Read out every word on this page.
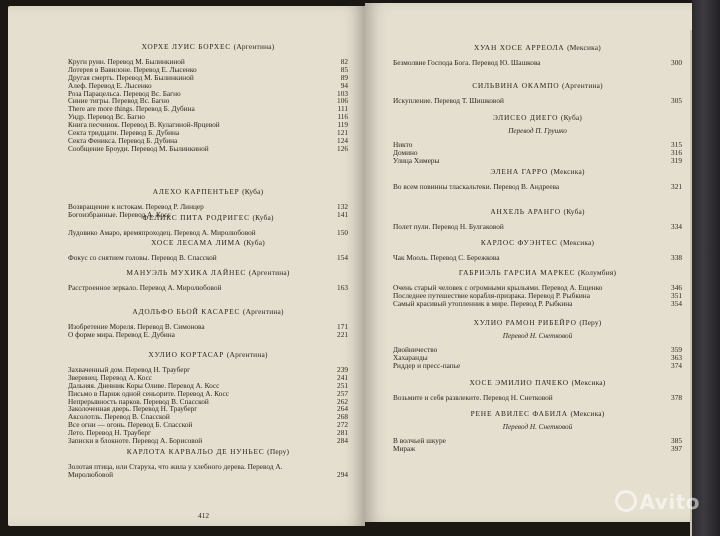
ХОРХЕ ЛУИС БОРХЕС (Аргентина)
Круги руин. Перевод М. Былинкиной	82
Лотерея в Вавилоне. Перевод Е. Лысенко	85
Другая смерть. Перевод М. Былинкиной	89
Алеф. Перевод Е. Лысенко	94
Роза Парацельса. Перевод Вс. Багно	103
Синие тигры. Перевод Вс. Багно	106
There are more things. Перевод Б. Дубина	111
Ундр. Перевод Вс. Багно	116
Книга песчинок. Перевод В. Кулагиной-Ярцевой	119
Секта тридцати. Перевод Б. Дубина	121
Секта Феникса. Перевод Б. Дубина	124
Сообщение Броуди. Перевод М. Былинкиной	126
АЛЕХО КАРПЕНТЬЕР (Куба)
Возвращение к истокам. Перевод Р. Линцер	132
Богоизбранные. Перевод А. Косс	141
ФЕЛИКС ПИТА РОДРИГЕС (Куба)
Лудовико Амаро, времяпроходец. Перевод А. Миролюбовой	150
ХОСЕ ЛЕСАМА ЛИМА (Куба)
Фокус со снятием головы. Перевод В. Спасской	154
МАНУЭЛЬ МУХИКА ЛАЙНЕС (Аргентина)
Расстроенное зеркало. Перевод А. Миролюбовой	163
АДОЛЬФО БЬОЙ КАСАРЕС (Аргентина)
Изобретение Мореля. Перевод В. Симонова	171
О форме мира. Перевод Е. Дубина	221
ХУЛИО КОРТАСАР (Аргентина)
Захваченный дом. Перевод Н. Трауберг	239
Зверинец. Перевод А. Косс	241
Дальняя. Дневник Коры Оливе. Перевод А. Косс	251
Письмо в Париж одной сеньорите. Перевод А. Косс	257
Непрерывность парков. Перевод В. Спасской	262
Заколоченная дверь. Перевод Н. Трауберг	264
Аксолотль. Перевод В. Спасской	268
Все огни — огонь. Перевод Б. Спасской	272
Лето. Перевод Н. Трауберг	281
Записки в блокноте. Перевод А. Борисовой	284
КАРЛОТА КАРВАЛЬО ДЕ НУНЬЕС (Перу)
Золотая птица, или Старуха, что жила у хлебного дерева. Перевод А. Миролюбовой	294
412
ХУАН ХОСЕ АРРЕОЛА (Мексика)
Безмолвие Господа Бога. Перевод Ю. Шашкова	300
СИЛЬВИНА ОКАМПО (Аргентина)
Искупление. Перевод Т. Шишковой	305
ЭЛИСЕО ДИЕГО (Куба)
Перевод П. Грушко
Никто	315
Домино	316
Улица Химеры	319
ЭЛЕНА ГАРРО (Мексика)
Во всем повинны тласкальтеки. Перевод В. Андреева	321
АНХЕЛЬ АРАНГО (Куба)
Полет пули. Перевод Н. Булгаковой	334
КАРЛОС ФУЭНТЕС (Мексика)
Чак Мооль. Перевод С. Бережкова	338
ГАБРИЭЛЬ ГАРСИА МАРКЕС (Колумбия)
Очень старый человек с огромными крыльями. Перевод А. Ещенко	346
Последнее путешествие корабля-призрака. Перевод Р. Рыбкина	351
Самый красивый утопленник в мире. Перевод Р. Рыбкина	354
ХУЛИО РАМОН РИБЕЙРО (Перу)
Перевод Н. Снетковой
Двойничество	359
Хахаранды	363
Риддер и пресс-папье	374
ХОСЕ ЭМИЛИО ПАЧЕКО (Мексика)
Возьмите и себя развлеките. Перевод Н. Снетковой	378
РЕНЕ АВИЛЕС ФАБИЛА (Мексика)
Перевод Н. Снетковой
В волчьей шкуре	385
Мираж	397
Avito
